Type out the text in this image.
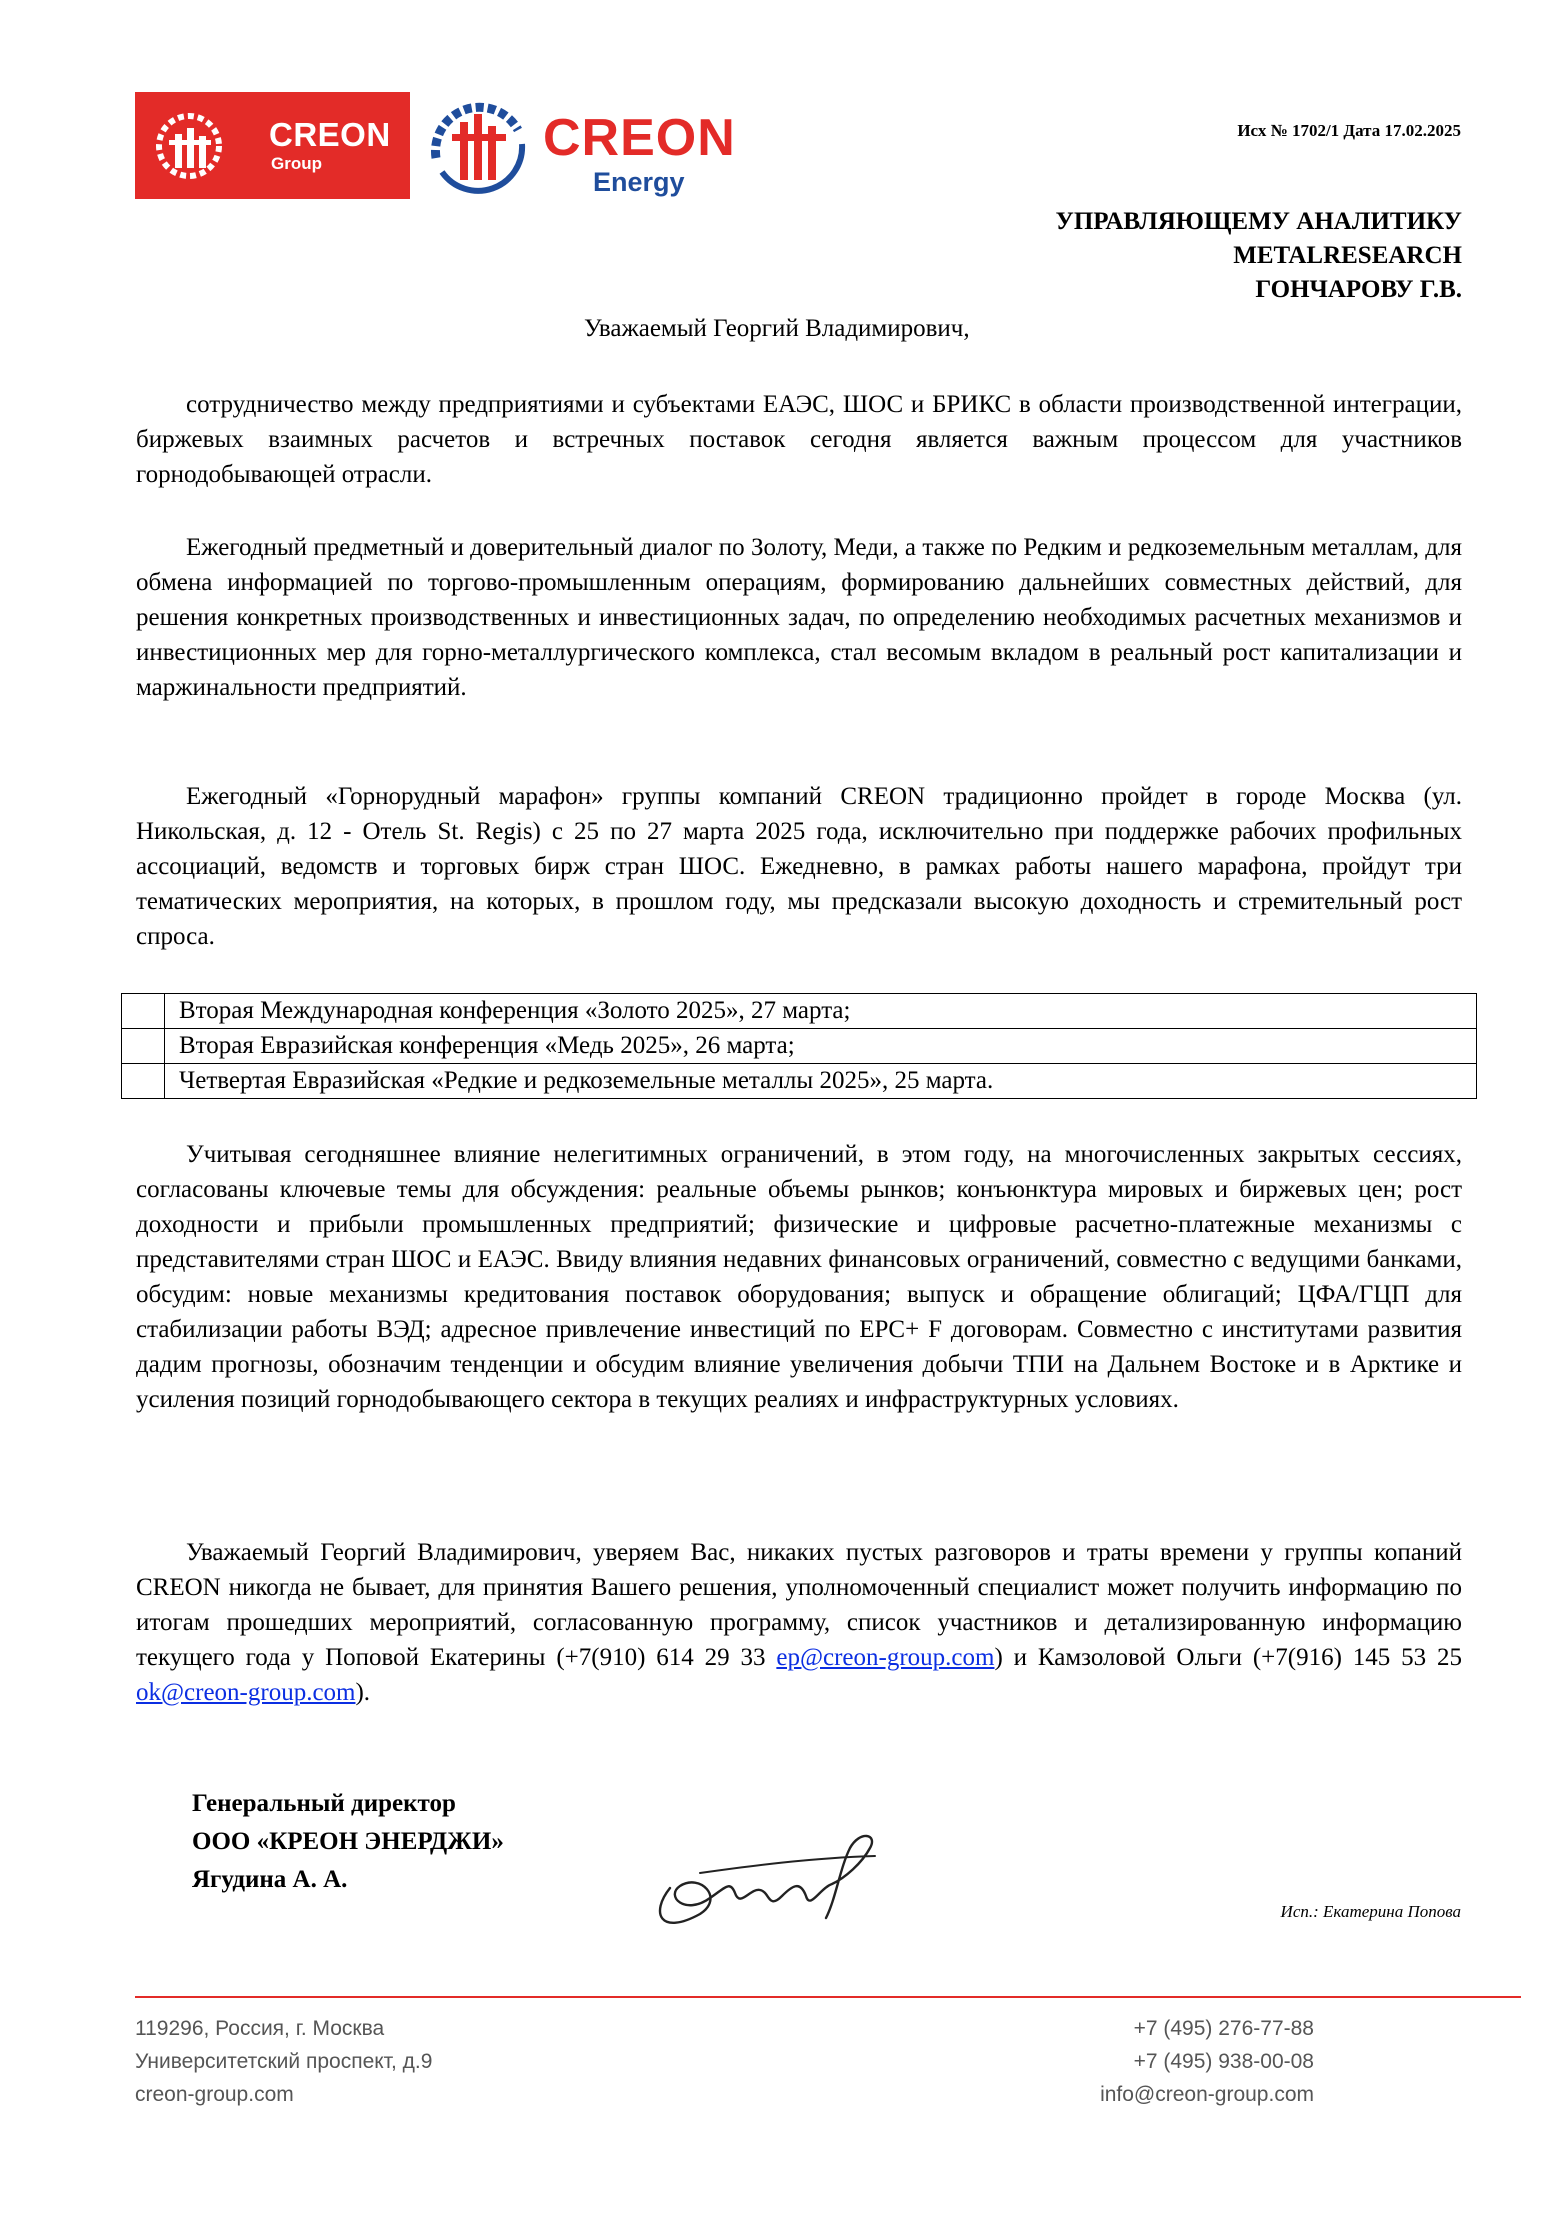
CREON
Group	CREON
Energy
Исх № 1702/1 Дата 17.02.2025
УПРАВЛЯЮЩЕМУ АНАЛИТИКУ
METALRESEARCH
ГОНЧАРОВУ Г.В.
Уважаемый Георгий Владимирович,

сотрудничество между предприятиями и субъектами ЕАЭС, ШОС и БРИКС в области производственной интеграции, биржевых взаимных расчетов и встречных поставок сегодня является важным процессом для участников горнодобывающей отрасли.

Ежегодный предметный и доверительный диалог по Золоту, Меди, а также по Редким и редкоземельным металлам, для обмена информацией по торгово-промышленным операциям, формированию дальнейших совместных действий, для решения конкретных производственных и инвестиционных задач, по определению необходимых расчетных механизмов и инвестиционных мер для горно-металлургического комплекса, стал весомым вкладом в реальный рост капитализации и маржинальности предприятий.

Ежегодный «Горнорудный марафон» группы компаний CREON традиционно пройдет в городе Москва (ул. Никольская, д. 12 - Отель St. Regis) с 25 по 27 марта 2025 года, исключительно при поддержке рабочих профильных ассоциаций, ведомств и торговых бирж стран ШОС. Ежедневно, в рамках работы нашего марафона, пройдут три тематических мероприятия, на которых, в прошлом году, мы предсказали высокую доходность и стремительный рост спроса.

	Вторая Международная конференция «Золото 2025», 27 марта;
	Вторая Евразийская конференция «Медь 2025», 26 марта;
	Четвертая Евразийская «Редкие и редкоземельные металлы 2025», 25 марта.

Учитывая сегодняшнее влияние нелегитимных ограничений, в этом году, на многочисленных закрытых сессиях, согласованы ключевые темы для обсуждения: реальные объемы рынков; конъюнктура мировых и биржевых цен; рост доходности и прибыли промышленных предприятий; физические и цифровые расчетно-платежные механизмы с представителями стран ШОС и ЕАЭС. Ввиду влияния недавних финансовых ограничений, совместно с ведущими банками, обсудим: новые механизмы кредитования поставок оборудования; выпуск и обращение облигаций; ЦФА/ГЦП для стабилизации работы ВЭД; адресное привлечение инвестиций по EPC+ F договорам. Совместно с институтами развития дадим прогнозы, обозначим тенденции и обсудим влияние увеличения добычи ТПИ на Дальнем Востоке и в Арктике и усиления позиций горнодобывающего сектора в текущих реалиях и инфраструктурных условиях.

Уважаемый Георгий Владимирович, уверяем Вас, никаких пустых разговоров и траты времени у группы копаний CREON никогда не бывает, для принятия Вашего решения, уполномоченный специалист может получить информацию по итогам прошедших мероприятий, согласованную программу, список участников и детализированную информацию текущего года у Поповой Екатерины (+7(910) 614 29 33 ep@creon-group.com) и Камзоловой Ольги (+7(916) 145 53 25 ok@creon-group.com).

Генеральный директор
ООО «КРЕОН ЭНЕРДЖИ»
Ягудина А. А.
Исп.: Екатерина Попова
119296, Россия, г. Москва
Университетский проспект, д.9
creon-group.com
+7 (495) 276-77-88
+7 (495) 938-00-08
info@creon-group.com
